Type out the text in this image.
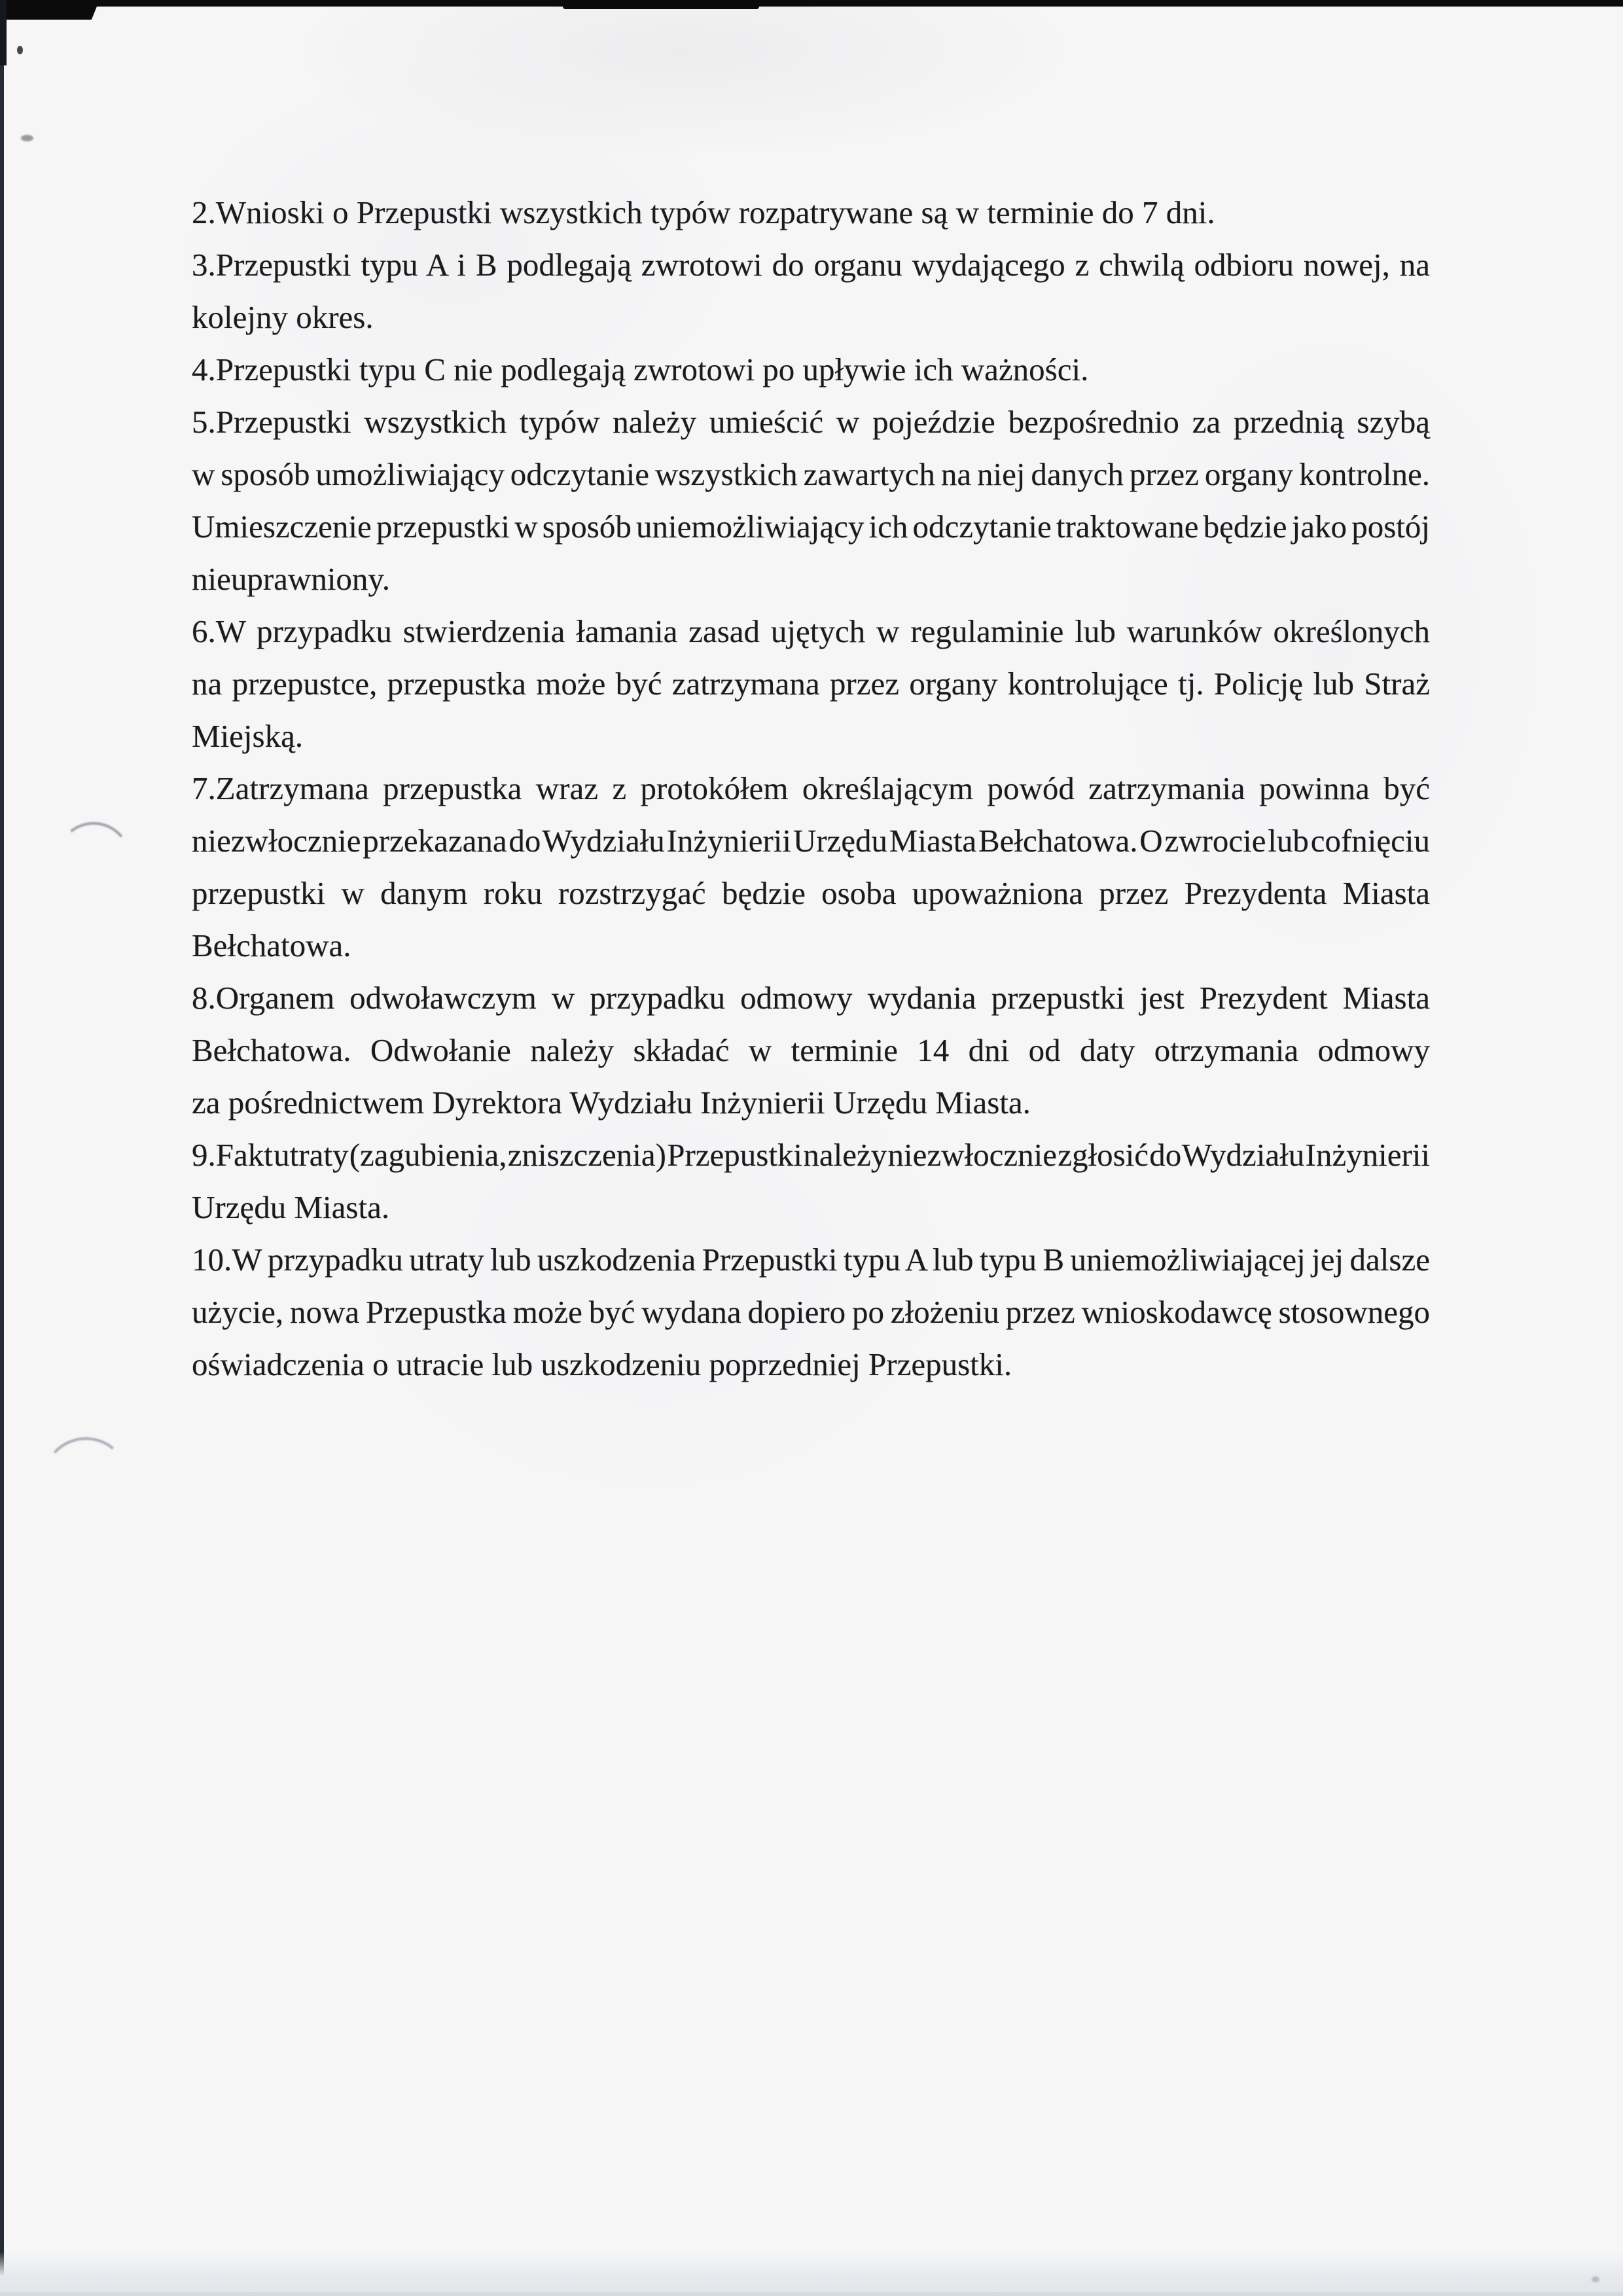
2.Wnioski o Przepustki wszystkich typów rozpatrywane są w terminie do 7 dni.
3.Przepustki typu A i B podlegają zwrotowi do organu wydającego z chwilą odbioru nowej, na
kolejny okres.
4.Przepustki typu C nie podlegają zwrotowi po upływie ich ważności.
5.Przepustki wszystkich typów należy umieścić w pojeździe bezpośrednio za przednią szybą
w sposób umożliwiający odczytanie wszystkich zawartych na niej danych przez organy kontrolne.
Umieszczenie przepustki w sposób uniemożliwiający ich odczytanie traktowane będzie jako postój
nieuprawniony.
6.W przypadku stwierdzenia łamania zasad ujętych w regulaminie lub warunków określonych
na przepustce, przepustka może być zatrzymana przez organy kontrolujące tj. Policję lub Straż
Miejską.
7.Zatrzymana przepustka wraz z protokółem określającym powód zatrzymania powinna być
niezwłocznie przekazana do Wydziału Inżynierii Urzędu Miasta Bełchatowa. O zwrocie lub cofnięciu
przepustki w danym roku rozstrzygać będzie osoba upoważniona przez Prezydenta Miasta
Bełchatowa.
8.Organem odwoławczym w przypadku odmowy wydania przepustki jest Prezydent Miasta
Bełchatowa. Odwołanie należy składać w terminie 14 dni od daty otrzymania odmowy
za pośrednictwem Dyrektora Wydziału Inżynierii Urzędu Miasta.
9.Fakt utraty (zagubienia, zniszczenia) Przepustki należy niezwłocznie zgłosić do Wydziału Inżynierii
Urzędu Miasta.
10.W przypadku utraty lub uszkodzenia Przepustki typu A lub typu B uniemożliwiającej jej dalsze
użycie, nowa Przepustka może być wydana dopiero po złożeniu przez wnioskodawcę stosownego
oświadczenia o utracie lub uszkodzeniu poprzedniej Przepustki.
